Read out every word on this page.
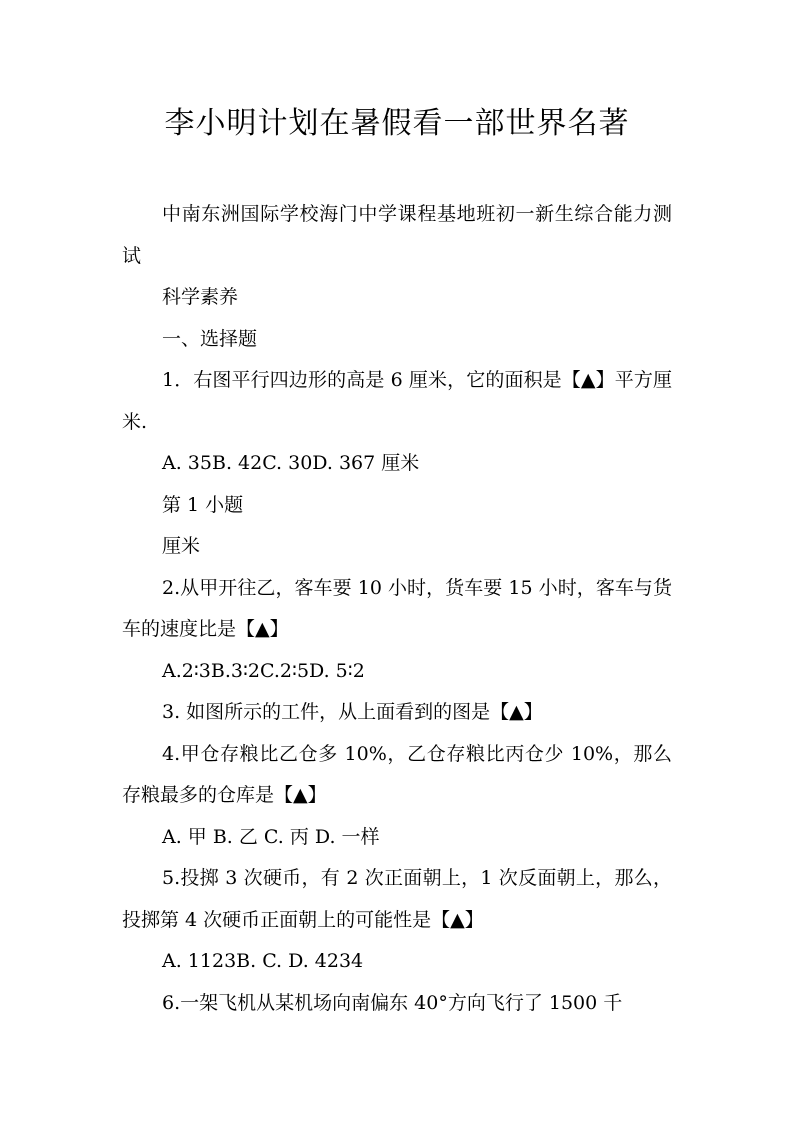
李小明计划在暑假看一部世界名著

中南东洲国际学校海门中学课程基地班初一新生综合能力测试

科学素养

一、选择题

1．右图平行四边形的高是 6 厘米，它的面积是【▲】平方厘米.

A. 35B. 42C. 30D. 367 厘米

第 1 小题

厘米

2.从甲开往乙，客车要 10 小时，货车要 15 小时，客车与货车的速度比是【▲】

A.2∶3B.3∶2C.2∶5D. 5∶2

3. 如图所示的工件，从上面看到的图是【▲】

4.甲仓存粮比乙仓多 10%，乙仓存粮比丙仓少 10%，那么存粮最多的仓库是【▲】

A. 甲 B. 乙 C. 丙 D. 一样

5.投掷 3 次硬币，有 2 次正面朝上，1 次反面朝上，那么，投掷第 4 次硬币正面朝上的可能性是【▲】

A. 1123B. C. D. 4234

6.一架飞机从某机场向南偏东 40°方向飞行了 1500 千
